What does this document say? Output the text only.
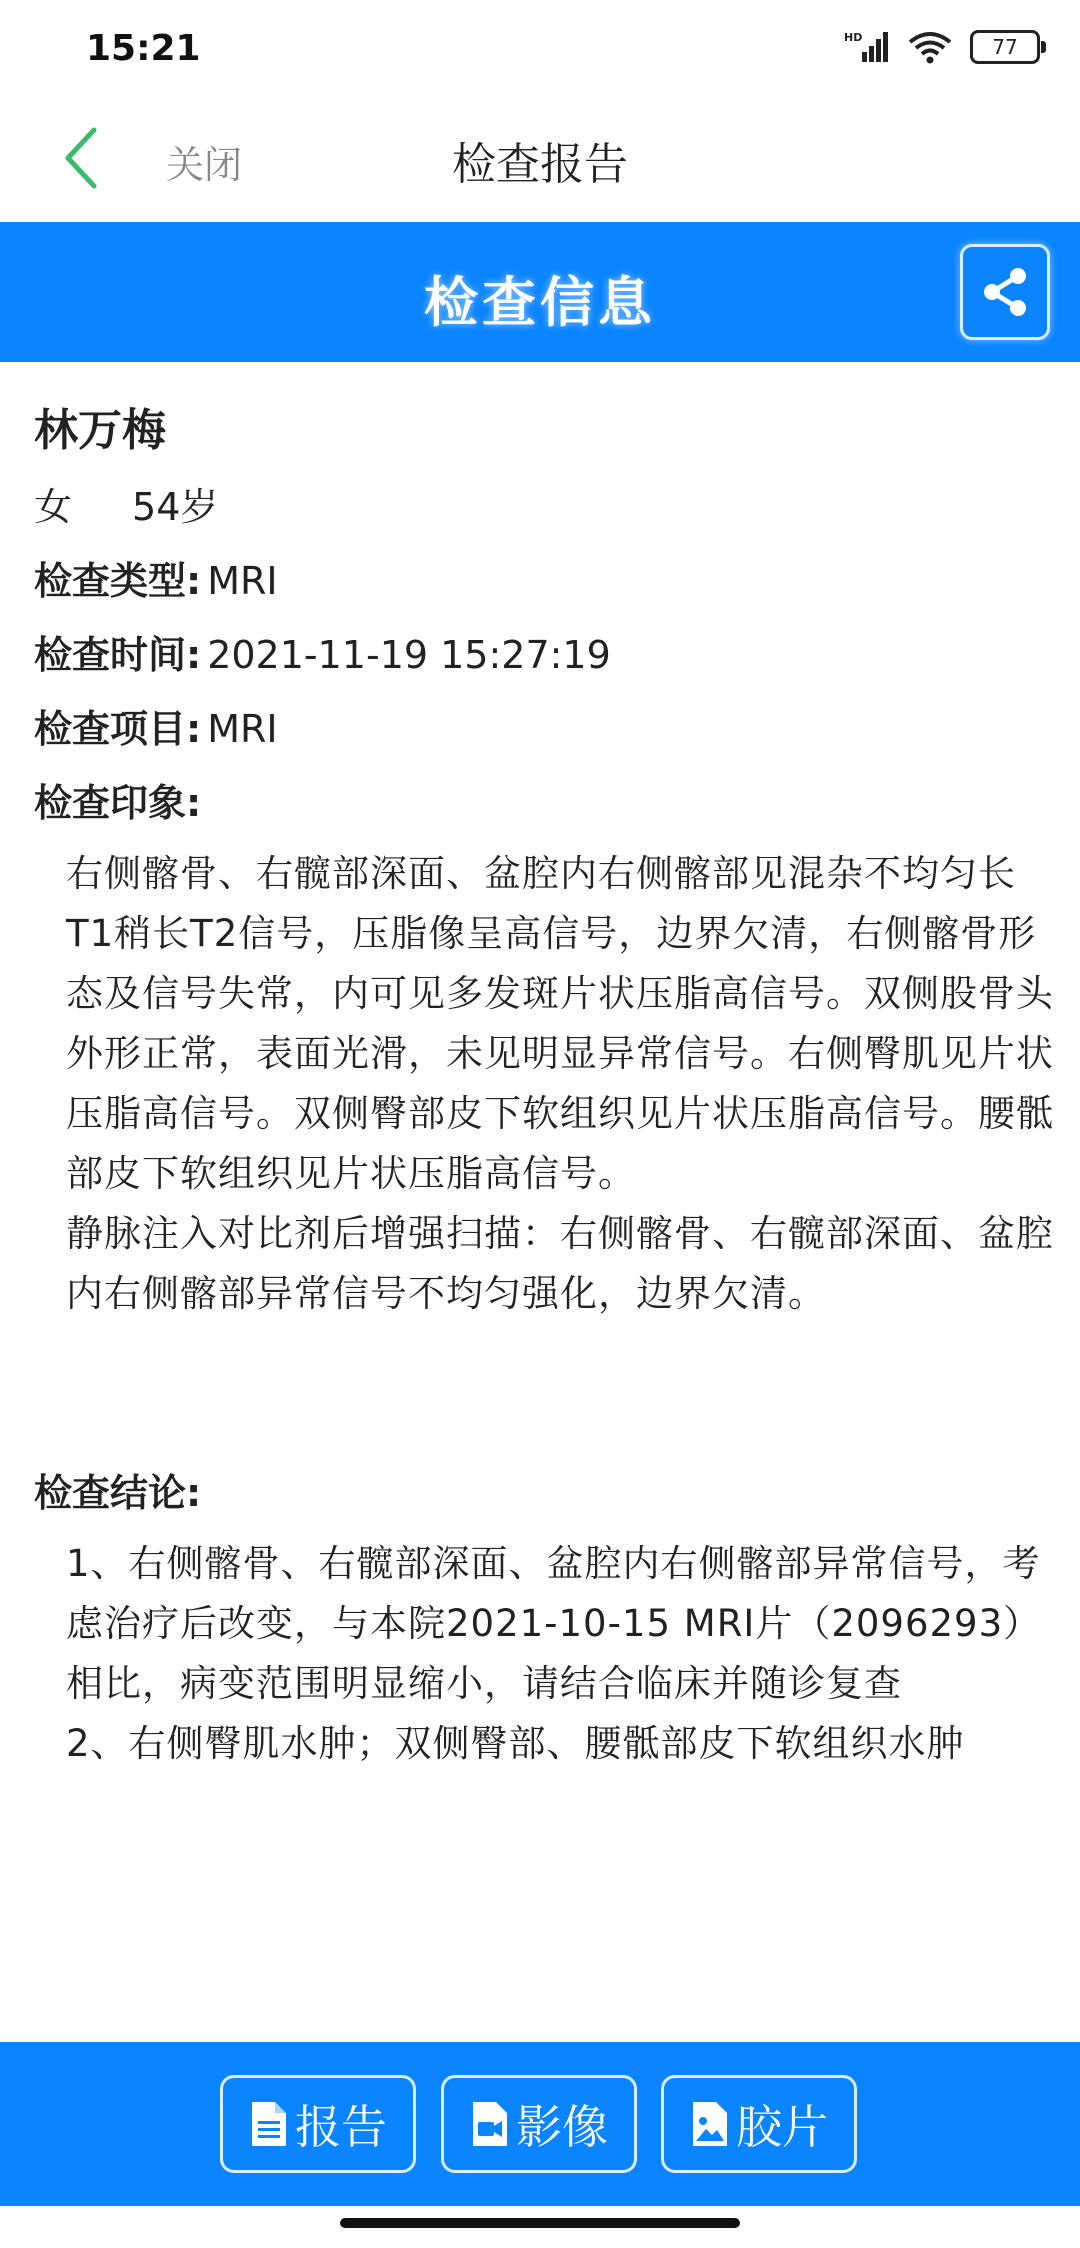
15:21	HD	77
关闭	检查报告
检查信息
林万梅
女 54岁
检查类型: MRI
检查时间: 2021-11-19 15:27:19
检查项目: MRI
检查印象:

右侧髂骨、右髋部深面、盆腔内右侧髂部见混杂不均匀长T1稍长T2信号，压脂像呈高信号，边界欠清，右侧髂骨形态及信号失常，内可见多发斑片状压脂高信号。双侧股骨头外形正常，表面光滑，未见明显异常信号。右侧臀肌见片状压脂高信号。双侧臀部皮下软组织见片状压脂高信号。腰骶部皮下软组织见片状压脂高信号。

静脉注入对比剂后增强扫描：右侧髂骨、右髋部深面、盆腔内右侧髂部异常信号不均匀强化，边界欠清。

检查结论:

1、右侧髂骨、右髋部深面、盆腔内右侧髂部异常信号，考虑治疗后改变，与本院2021-10-15 MRI片（2096293）相比，病变范围明显缩小，请结合临床并随诊复查

2、右侧臀肌水肿；双侧臀部、腰骶部皮下软组织水肿

报告	影像	胶片
